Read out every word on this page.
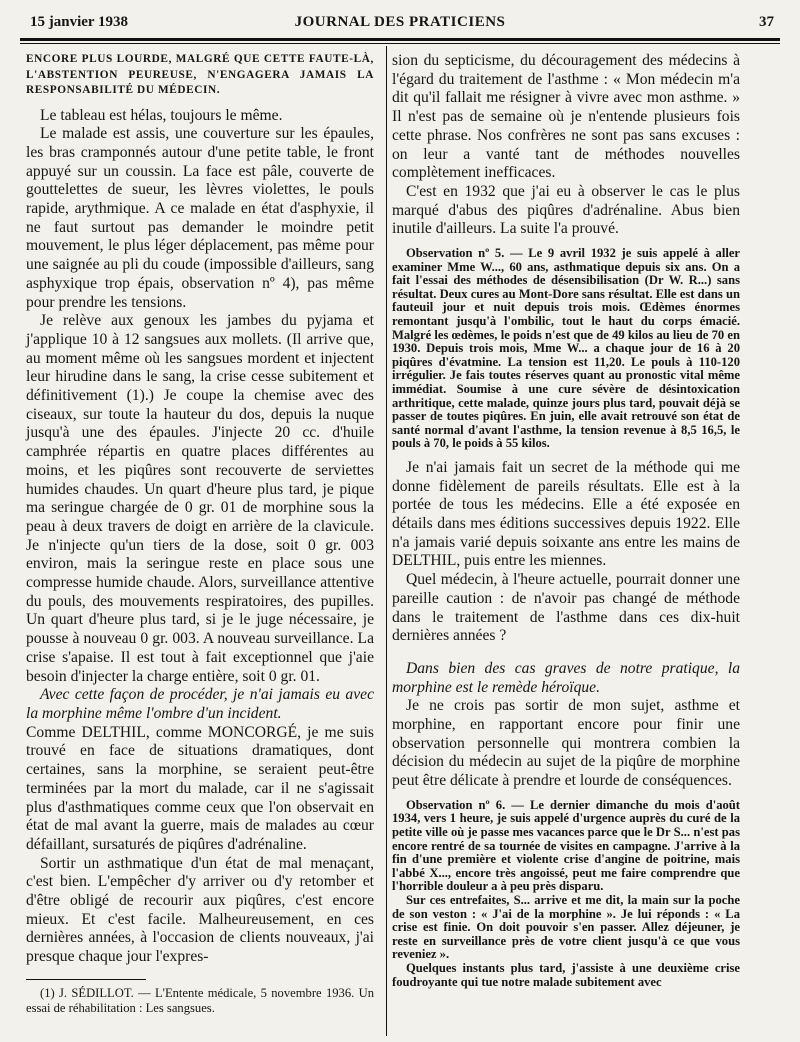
15 janvier 1938	JOURNAL DES PRATICIENS	37

ENCORE PLUS LOURDE, MALGRÉ QUE CETTE FAUTE-LÀ, L'ABSTENTION PEUREUSE, N'ENGAGERA JAMAIS LA RESPONSABILITÉ DU MÉDECIN.

Le tableau est hélas, toujours le même.

Le malade est assis, une couverture sur les épaules, les bras cramponnés autour d'une petite table, le front appuyé sur un coussin. La face est pâle, couverte de gouttelettes de sueur, les lèvres violettes, le pouls rapide, arythmique. A ce malade en état d'asphyxie, il ne faut surtout pas demander le moindre petit mouvement, le plus léger déplacement, pas même pour une saignée au pli du coude (impossible d'ailleurs, sang asphyxique trop épais, observation nº 4), pas même pour prendre les tensions.

Je relève aux genoux les jambes du pyjama et j'applique 10 à 12 sangsues aux mollets. (Il arrive que, au moment même où les sangsues mordent et injectent leur hirudine dans le sang, la crise cesse subitement et définitivement (1).) Je coupe la chemise avec des ciseaux, sur toute la hauteur du dos, depuis la nuque jusqu'à une des épaules. J'injecte 20 cc. d'huile camphrée répartis en quatre places différentes au moins, et les piqûres sont recouverte de serviettes humides chaudes. Un quart d'heure plus tard, je pique ma seringue chargée de 0 gr. 01 de morphine sous la peau à deux travers de doigt en arrière de la clavicule. Je n'injecte qu'un tiers de la dose, soit 0 gr. 003 environ, mais la seringue reste en place sous une compresse humide chaude. Alors, surveillance attentive du pouls, des mouvements respiratoires, des pupilles. Un quart d'heure plus tard, si je le juge nécessaire, je pousse à nouveau 0 gr. 003. A nouveau surveillance. La crise s'apaise. Il est tout à fait exceptionnel que j'aie besoin d'injecter la charge entière, soit 0 gr. 01.

Avec cette façon de procéder, je n'ai jamais eu avec la morphine même l'ombre d'un incident.

Comme DELTHIL, comme MONCORGÉ, je me suis trouvé en face de situations dramatiques, dont certaines, sans la morphine, se seraient peut-être terminées par la mort du malade, car il ne s'agissait plus d'asthmatiques comme ceux que l'on observait en état de mal avant la guerre, mais de malades au cœur défaillant, sursaturés de piqûres d'adrénaline.

Sortir un asthmatique d'un état de mal menaçant, c'est bien. L'empêcher d'y arriver ou d'y retomber et d'être obligé de recourir aux piqûres, c'est encore mieux. Et c'est facile. Malheureusement, en ces dernières années, à l'occasion de clients nouveaux, j'ai presque chaque jour l'expres-

(1) J. SÉDILLOT. — L'Entente médicale, 5 novembre 1936. Un essai de réhabilitation : Les sangsues.

sion du septicisme, du découragement des médecins à l'égard du traitement de l'asthme : « Mon médecin m'a dit qu'il fallait me résigner à vivre avec mon asthme. » Il n'est pas de semaine où je n'entende plusieurs fois cette phrase. Nos confrères ne sont pas sans excuses : on leur a vanté tant de méthodes nouvelles complètement inefficaces.

C'est en 1932 que j'ai eu à observer le cas le plus marqué d'abus des piqûres d'adrénaline. Abus bien inutile d'ailleurs. La suite l'a prouvé.

Observation nº 5. — Le 9 avril 1932 je suis appelé à aller examiner Mme W..., 60 ans, asthmatique depuis six ans. On a fait l'essai des méthodes de désensibilisation (Dr W. R...) sans résultat. Deux cures au Mont-Dore sans résultat. Elle est dans un fauteuil jour et nuit depuis trois mois. Œdèmes énormes remontant jusqu'à l'ombilic, tout le haut du corps émacié. Malgré les œdèmes, le poids n'est que de 49 kilos au lieu de 70 en 1930. Depuis trois mois, Mme W... a chaque jour de 16 à 20 piqûres d'évatmine. La tension est 11,20. Le pouls à 110-120 irrégulier. Je fais toutes réserves quant au pronostic vital même immédiat. Soumise à une cure sévère de désintoxication arthritique, cette malade, quinze jours plus tard, pouvait déjà se passer de toutes piqûres. En juin, elle avait retrouvé son état de santé normal d'avant l'asthme, la tension revenue à 8,5 16,5, le pouls à 70, le poids à 55 kilos.

Je n'ai jamais fait un secret de la méthode qui me donne fidèlement de pareils résultats. Elle est à la portée de tous les médecins. Elle a été exposée en détails dans mes éditions successives depuis 1922. Elle n'a jamais varié depuis soixante ans entre les mains de DELTHIL, puis entre les miennes.

Quel médecin, à l'heure actuelle, pourrait donner une pareille caution : de n'avoir pas changé de méthode dans le traitement de l'asthme dans ces dix-huit dernières années ?

Dans bien des cas graves de notre pratique, la morphine est le remède héroïque.

Je ne crois pas sortir de mon sujet, asthme et morphine, en rapportant encore pour finir une observation personnelle qui montrera combien la décision du médecin au sujet de la piqûre de morphine peut être délicate à prendre et lourde de conséquences.

Observation nº 6. — Le dernier dimanche du mois d'août 1934, vers 1 heure, je suis appelé d'urgence auprès du curé de la petite ville où je passe mes vacances parce que le Dr S... n'est pas encore rentré de sa tournée de visites en campagne. J'arrive à la fin d'une première et violente crise d'angine de poitrine, mais l'abbé X..., encore très angoissé, peut me faire comprendre que l'horrible douleur a à peu près disparu.

Sur ces entrefaites, S... arrive et me dit, la main sur la poche de son veston : « J'ai de la morphine ». Je lui réponds : « La crise est finie. On doit pouvoir s'en passer. Allez déjeuner, je reste en surveillance près de votre client jusqu'à ce que vous reveniez ».

Quelques instants plus tard, j'assiste à une deuxième crise foudroyante qui tue notre malade subitement avec
